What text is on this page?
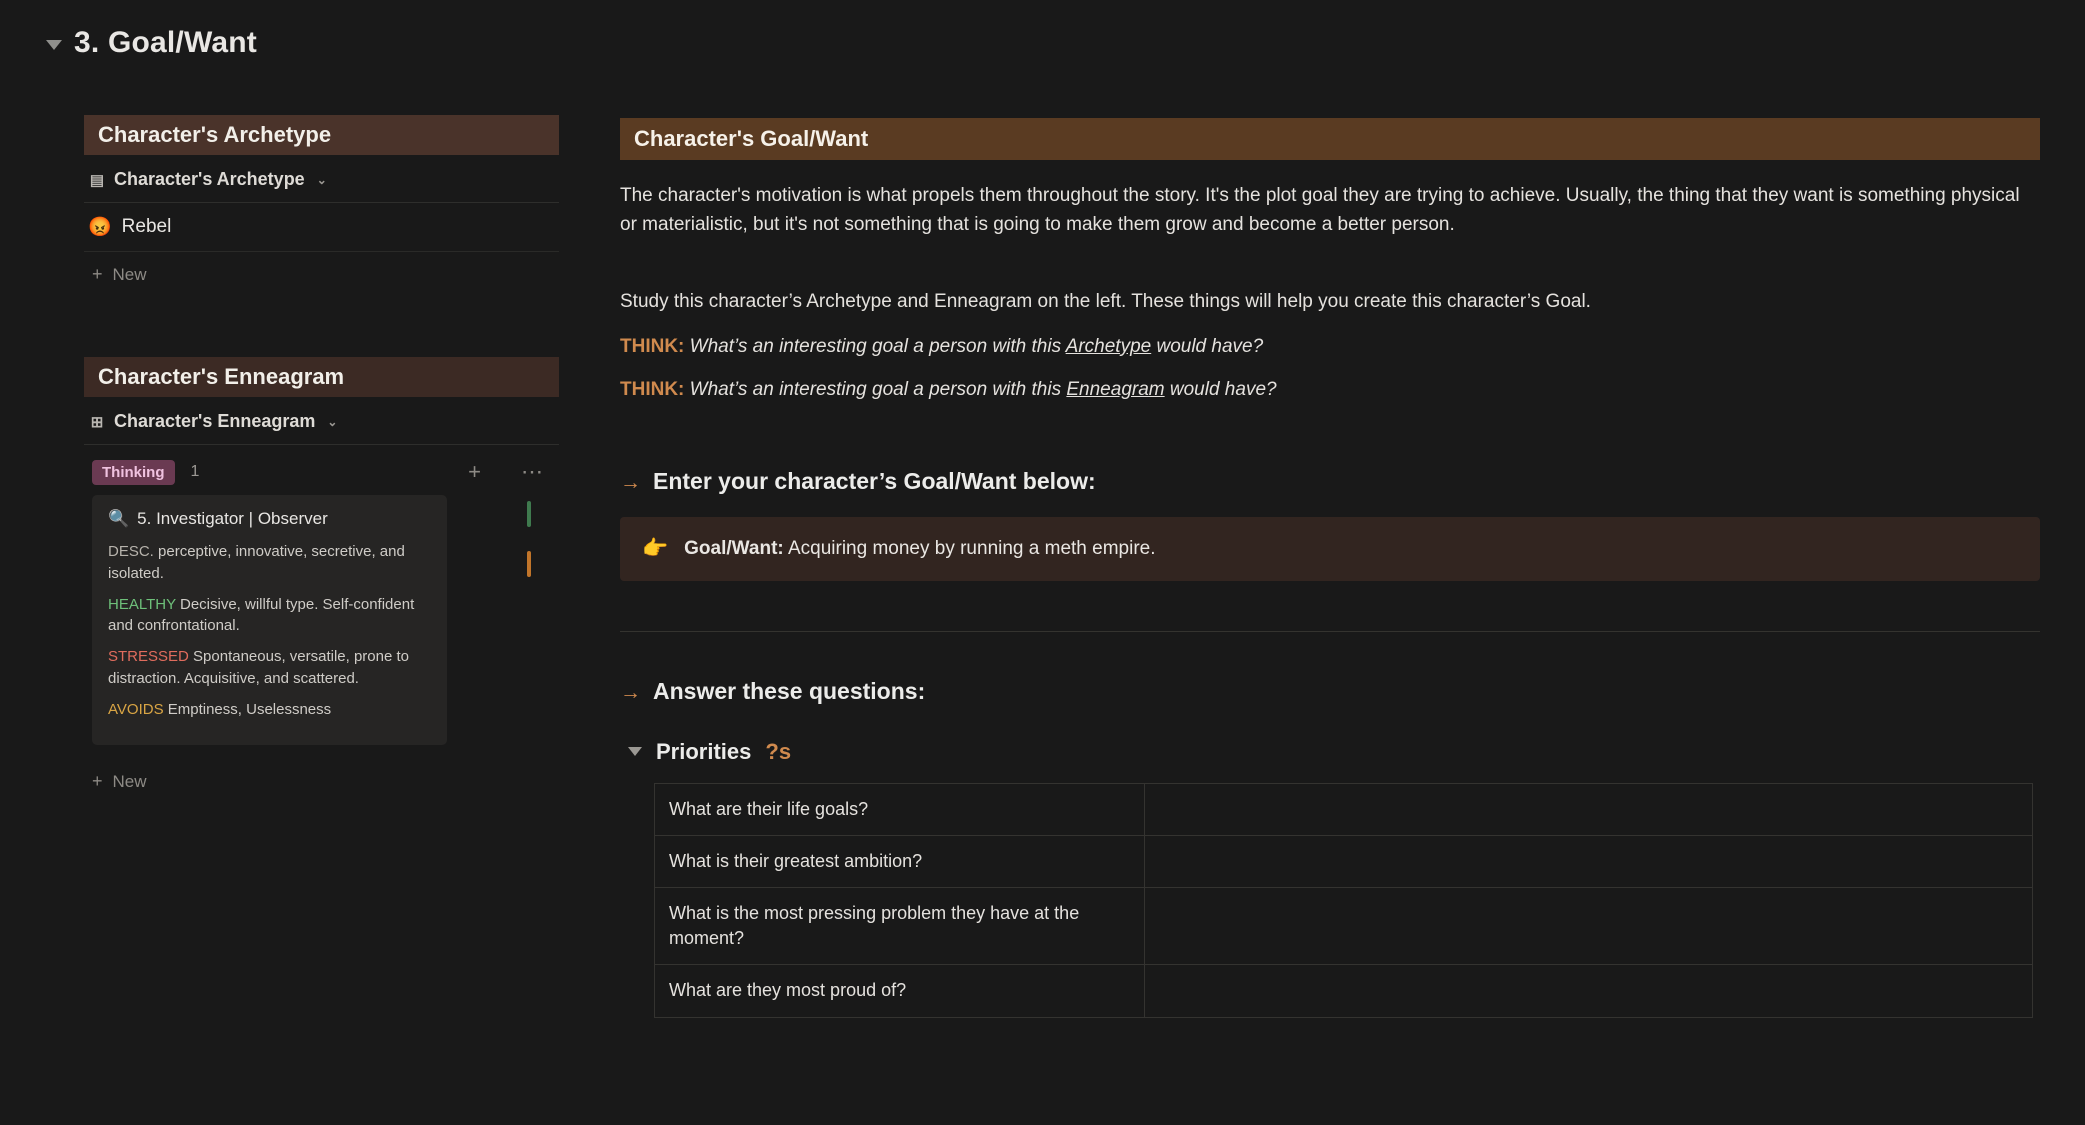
3. Goal/Want
Character's Archetype
▤ Character's Archetype ⌄
😡 Rebel
+ New
Character's Enneagram
⊞ Character's Enneagram ⌄
Thinking	1	+	⋯
🔍 5. Investigator | Observer
DESC. perceptive, innovative, secretive, and isolated.
HEALTHY Decisive, willful type. Self-confident and confrontational.
STRESSED Spontaneous, versatile, prone to distraction. Acquisitive, and scattered.
AVOIDS Emptiness, Uselessness
+ New
Character's Goal/Want
The character's motivation is what propels them throughout the story. It's the plot goal they are trying to achieve. Usually, the thing that they want is something physical or materialistic, but it's not something that is going to make them grow and become a better person.
Study this character’s Archetype and Enneagram on the left. These things will help you create this character’s Goal.
THINK: What’s an interesting goal a person with this Archetype would have?
THINK: What’s an interesting goal a person with this Enneagram would have?
→ Enter your character’s Goal/Want below:
👉 Goal/Want: Acquiring money by running a meth empire.
→ Answer these questions:
Priorities ?s
What are their life goals?	
What is their greatest ambition?	
What is the most pressing problem they have at the moment?	
What are they most proud of?	
